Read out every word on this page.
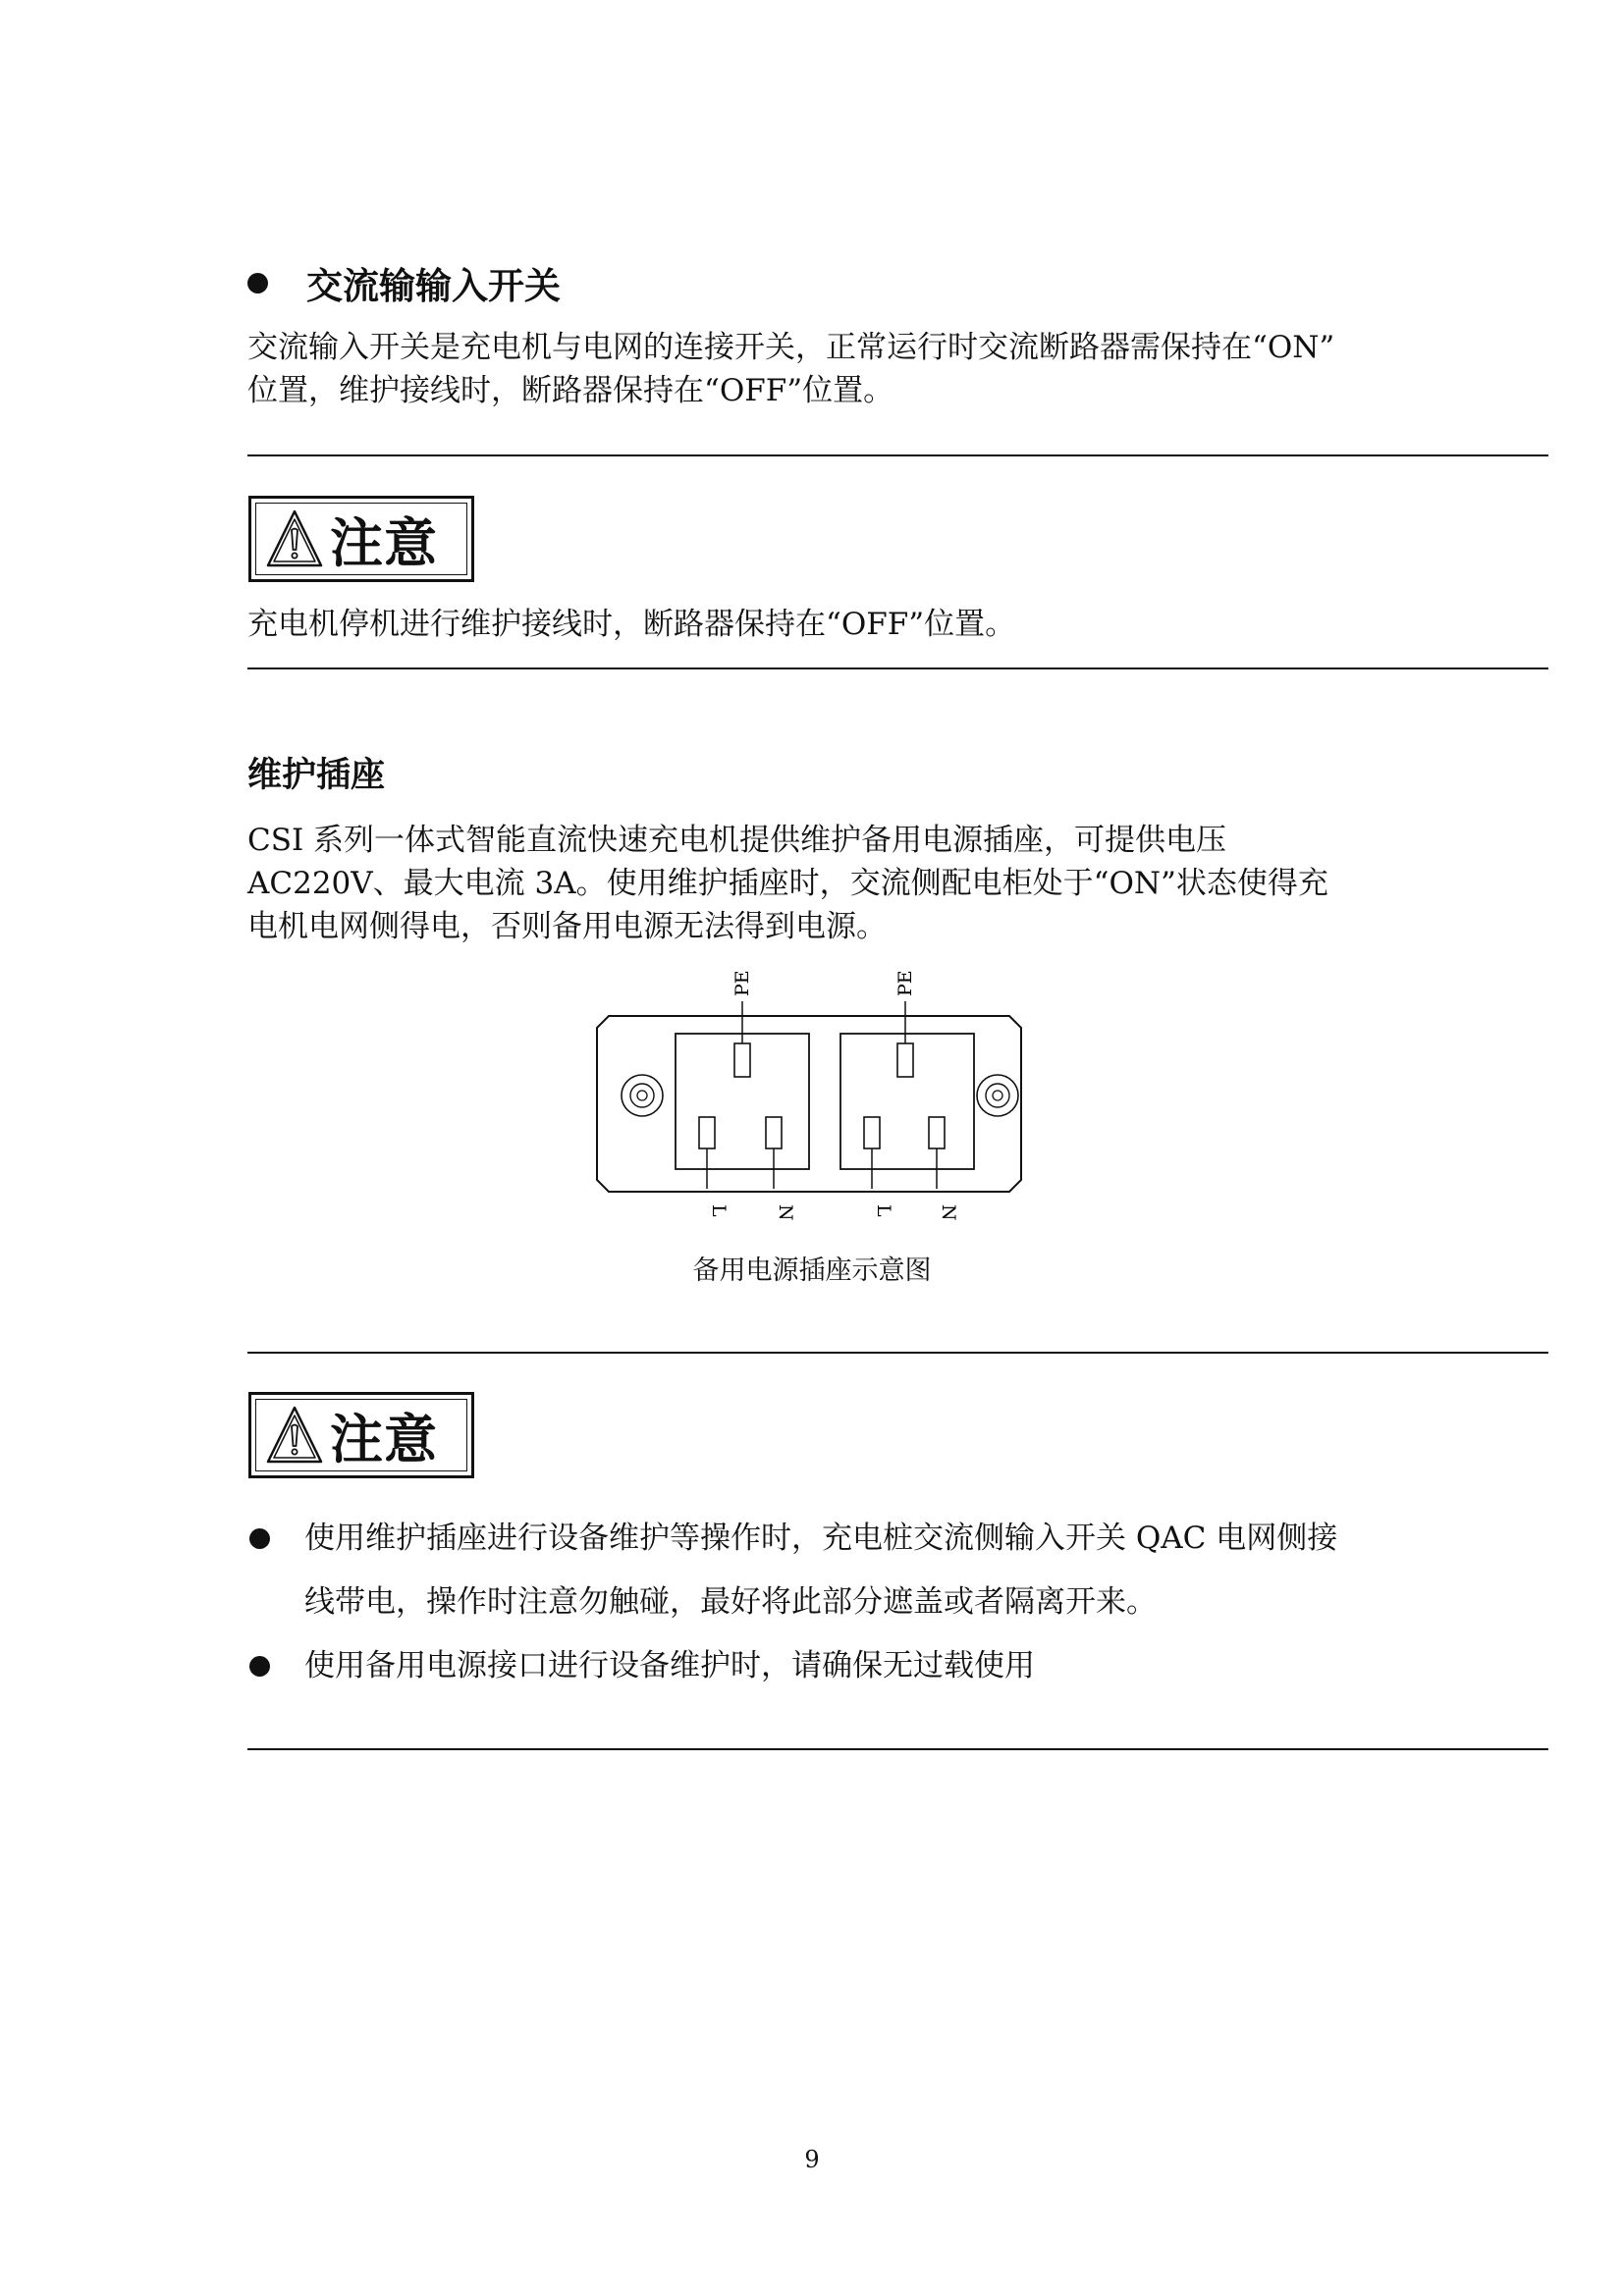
交流输输入开关

交流输入开关是充电机与电网的连接开关，正常运行时交流断路器需保持在“ON”
位置，维护接线时，断路器保持在“OFF”位置。

注意

充电机停机进行维护接线时，断路器保持在“OFF”位置。

维护插座

CSI 系列一体式智能直流快速充电机提供维护备用电源插座，可提供电压
AC220V、最大电流 3A。使用维护插座时，交流侧配电柜处于“ON”状态使得充
电机电网侧得电，否则备用电源无法得到电源。

PE
L N
PE
L N
备用电源插座示意图
注意
使用维护插座进行设备维护等操作时，充电桩交流侧输入开关 QAC 电网侧接
线带电，操作时注意勿触碰，最好将此部分遮盖或者隔离开来。
使用备用电源接口进行设备维护时，请确保无过载使用
9
